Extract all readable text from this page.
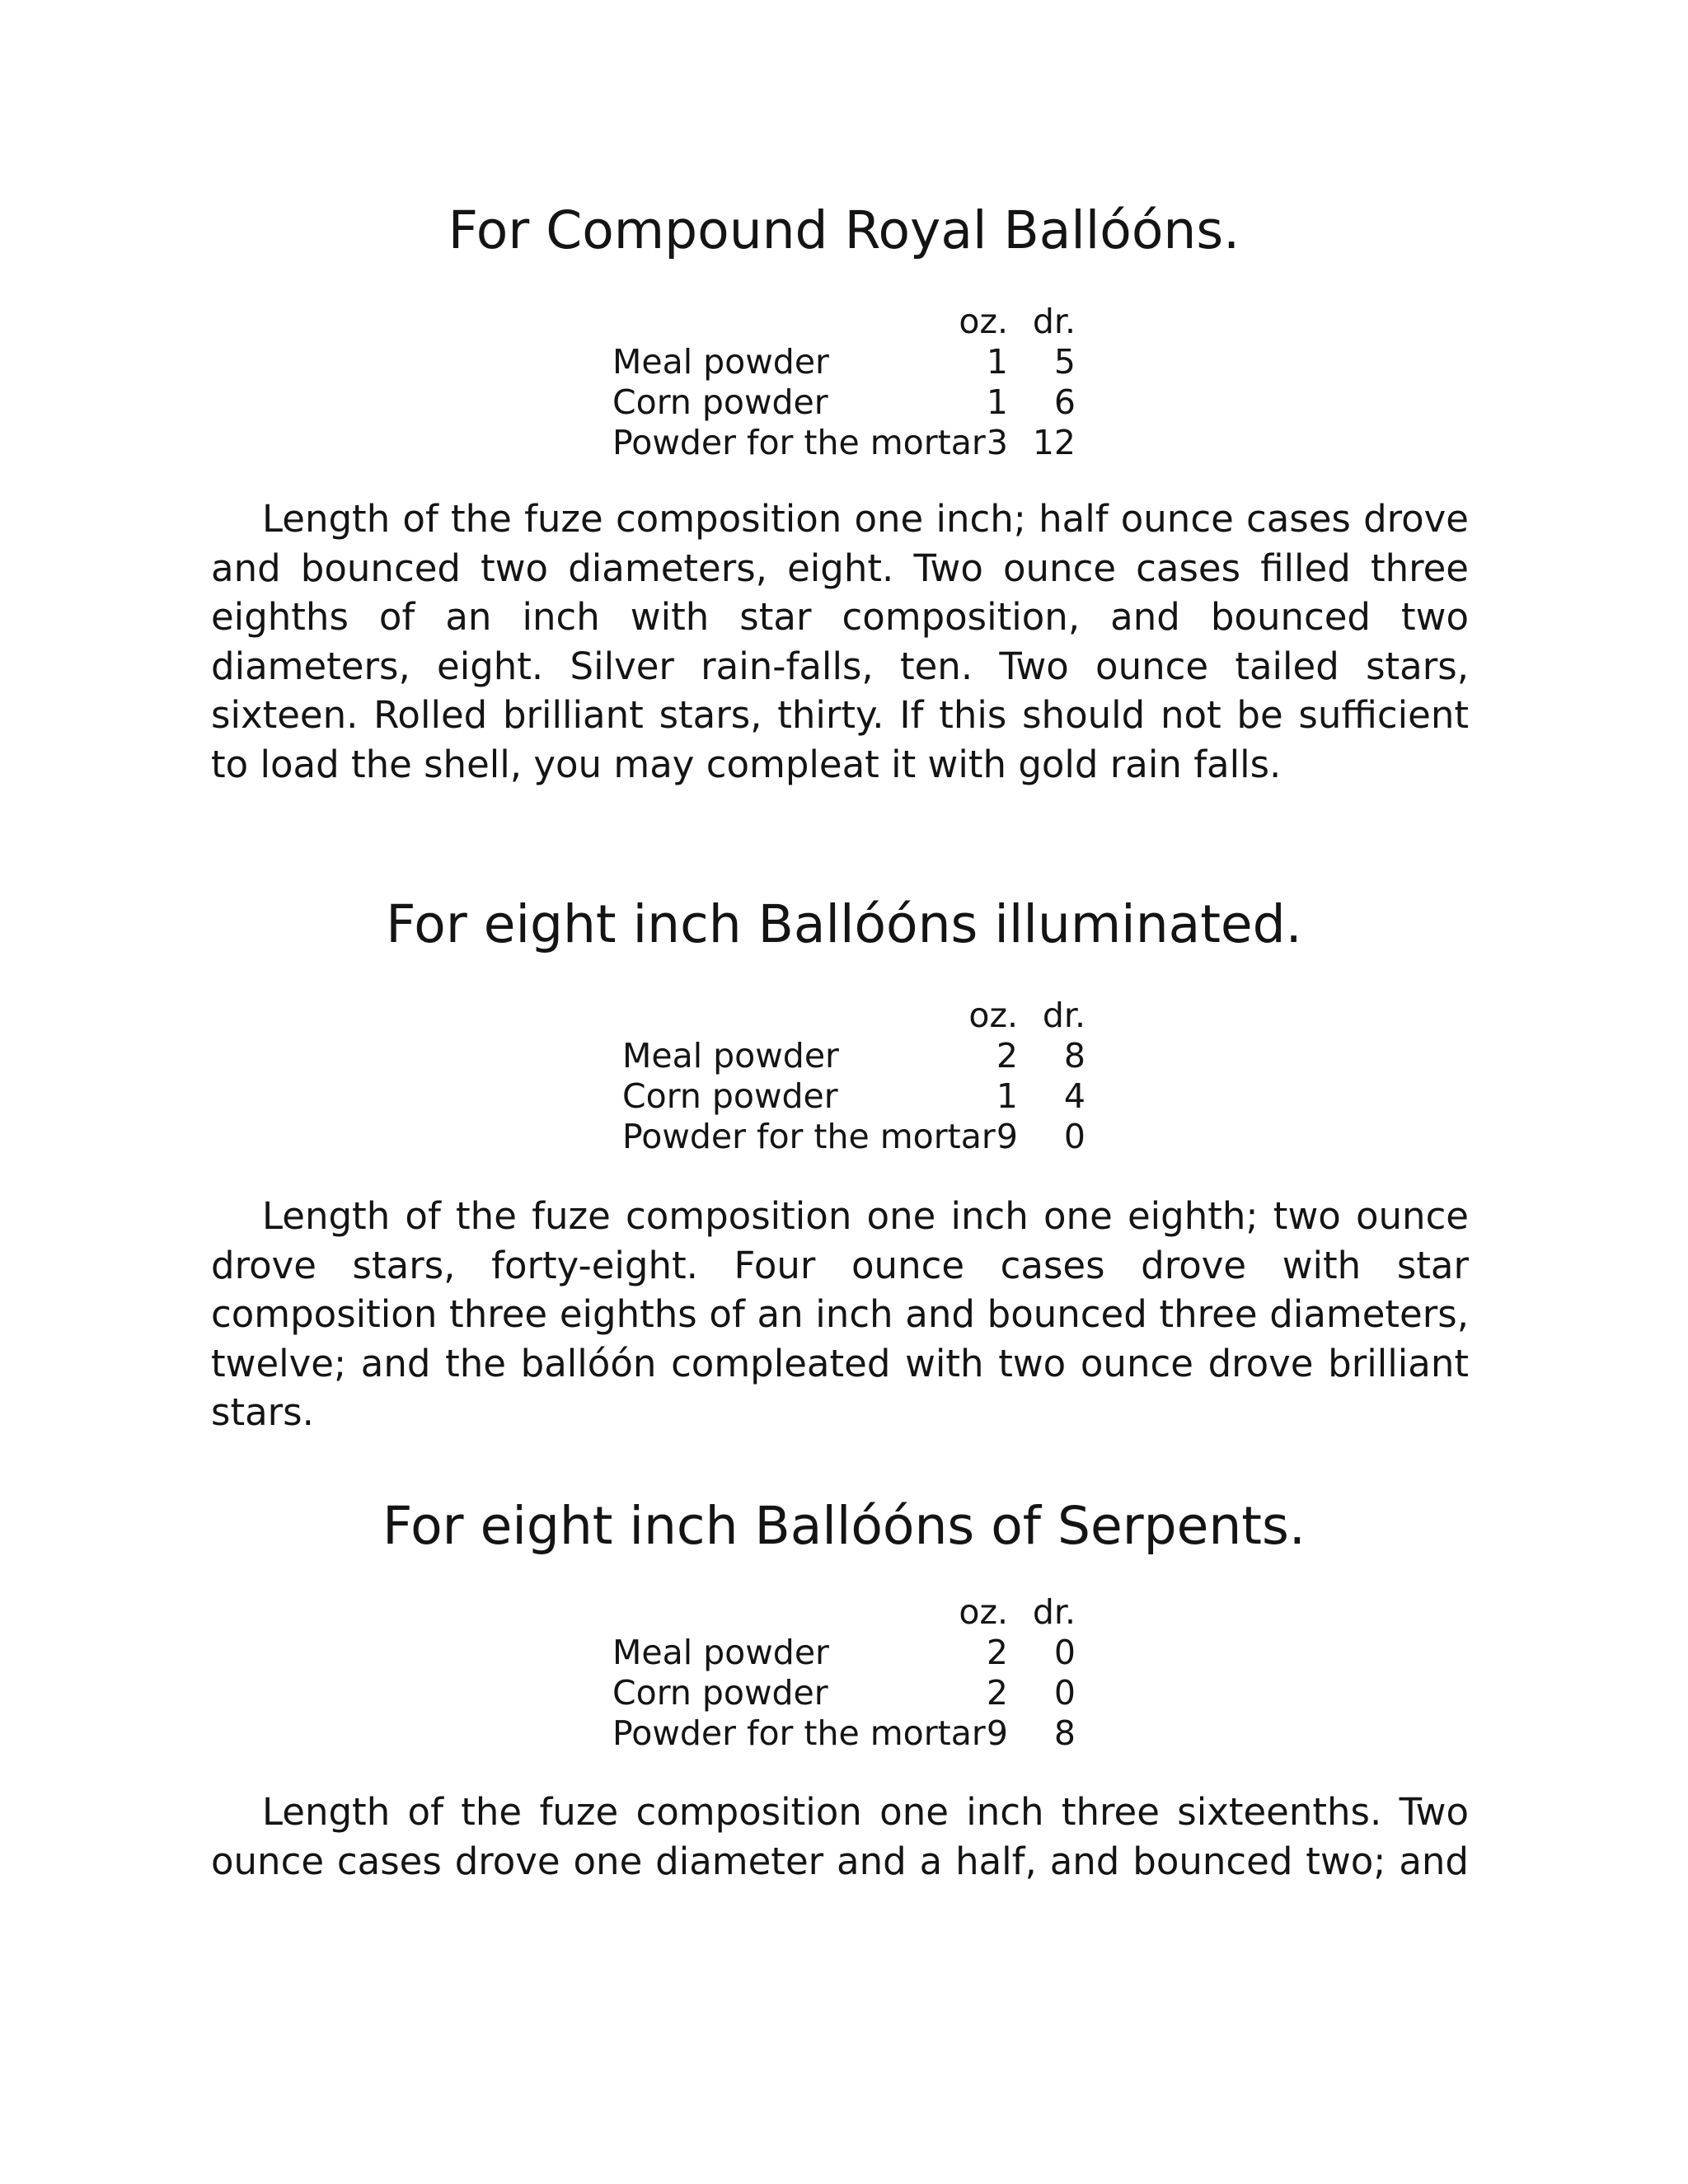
For Compound Royal Ballóóns.
oz. dr.
Meal powder	1	5
Corn powder	1	6
Powder for the mortar 3 12

Length of the fuze composition one inch; half ounce cases drove and bounced two diameters, eight. Two ounce cases filled three eighths of an inch with star composition, and bounced two diameters, eight. Silver rain-falls, ten. Two ounce tailed stars, sixteen. Rolled brilliant stars, thirty. If this should not be sufficient to load the shell, you may compleat it with gold rain falls.

For eight inch Ballóóns illuminated.
oz. dr.
Meal powder	2	8
Corn powder	1	4
Powder for the mortar 9	0

Length of the fuze composition one inch one eighth; two ounce drove stars, forty-eight. Four ounce cases drove with star composition three eighths of an inch and bounced three diameters, twelve; and the ballóón compleated with two ounce drove brilliant stars.

For eight inch Ballóóns of Serpents.
oz. dr.
Meal powder	2	0
Corn powder	2	0
Powder for the mortar 9	8

Length of the fuze composition one inch three sixteenths. Two ounce cases drove one diameter and a half, and bounced two; and
